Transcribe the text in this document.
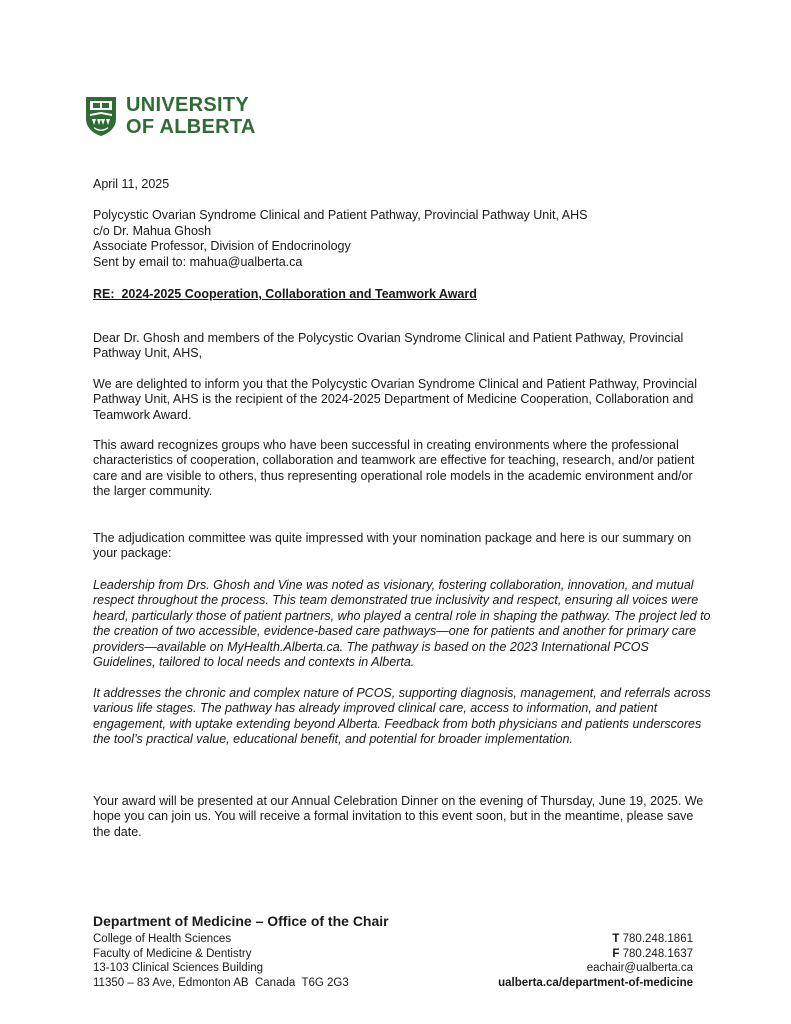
UNIVERSITY
OF ALBERTA
April 11, 2025
Polycystic Ovarian Syndrome Clinical and Patient Pathway, Provincial Pathway Unit, AHS
c/o Dr. Mahua Ghosh
Associate Professor, Division of Endocrinology
Sent by email to: mahua@ualberta.ca
RE:  2024-2025 Cooperation, Collaboration and Teamwork Award

Dear Dr. Ghosh and members of the Polycystic Ovarian Syndrome Clinical and Patient Pathway, Provincial Pathway Unit, AHS,

We are delighted to inform you that the Polycystic Ovarian Syndrome Clinical and Patient Pathway, Provincial Pathway Unit, AHS is the recipient of the 2024-2025 Department of Medicine Cooperation, Collaboration and Teamwork Award.

This award recognizes groups who have been successful in creating environments where the professional characteristics of cooperation, collaboration and teamwork are effective for teaching, research, and/or patient care and are visible to others, thus representing operational role models in the academic environment and/or the larger community.

The adjudication committee was quite impressed with your nomination package and here is our summary on your package:

Leadership from Drs. Ghosh and Vine was noted as visionary, fostering collaboration, innovation, and mutual respect throughout the process. This team demonstrated true inclusivity and respect, ensuring all voices were heard, particularly those of patient partners, who played a central role in shaping the pathway. The project led to the creation of two accessible, evidence-based care pathways—one for patients and another for primary care providers—available on MyHealth.Alberta.ca. The pathway is based on the 2023 International PCOS Guidelines, tailored to local needs and contexts in Alberta.

It addresses the chronic and complex nature of PCOS, supporting diagnosis, management, and referrals across various life stages. The pathway has already improved clinical care, access to information, and patient engagement, with uptake extending beyond Alberta. Feedback from both physicians and patients underscores the tool’s practical value, educational benefit, and potential for broader implementation.

Your award will be presented at our Annual Celebration Dinner on the evening of Thursday, June 19, 2025. We hope you can join us. You will receive a formal invitation to this event soon, but in the meantime, please save the date.

Department of Medicine – Office of the Chair
College of Health Sciences
Faculty of Medicine & Dentistry
13-103 Clinical Sciences Building
11350 – 83 Ave, Edmonton AB  Canada  T6G 2G3
T 780.248.1861
F 780.248.1637
eachair@ualberta.ca
ualberta.ca/department-of-medicine
